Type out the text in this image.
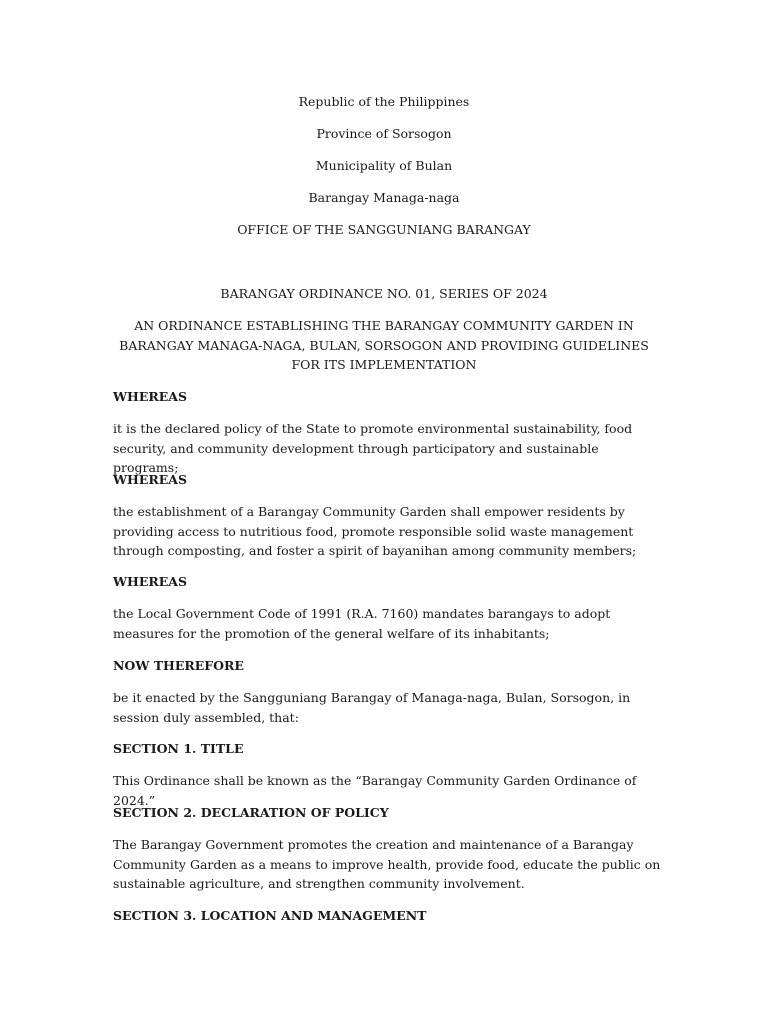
Republic of the Philippines

Province of Sorsogon

Municipality of Bulan

Barangay Managa-naga

OFFICE OF THE SANGGUNIANG BARANGAY

BARANGAY ORDINANCE NO. 01, SERIES OF 2024

AN ORDINANCE ESTABLISHING THE BARANGAY COMMUNITY GARDEN IN BARANGAY MANAGA-NAGA, BULAN, SORSOGON AND PROVIDING GUIDELINES FOR ITS IMPLEMENTATION

WHEREAS

it is the declared policy of the State to promote environmental sustainability, food security, and community development through participatory and sustainable programs;

WHEREAS

the establishment of a Barangay Community Garden shall empower residents by providing access to nutritious food, promote responsible solid waste management through composting, and foster a spirit of bayanihan among community members;

WHEREAS

the Local Government Code of 1991 (R.A. 7160) mandates barangays to adopt measures for the promotion of the general welfare of its inhabitants;

NOW THEREFORE

be it enacted by the Sangguniang Barangay of Managa-naga, Bulan, Sorsogon, in session duly assembled, that:

SECTION 1. TITLE

This Ordinance shall be known as the “Barangay Community Garden Ordinance of 2024.”

SECTION 2. DECLARATION OF POLICY

The Barangay Government promotes the creation and maintenance of a Barangay Community Garden as a means to improve health, provide food, educate the public on sustainable agriculture, and strengthen community involvement.

SECTION 3. LOCATION AND MANAGEMENT
